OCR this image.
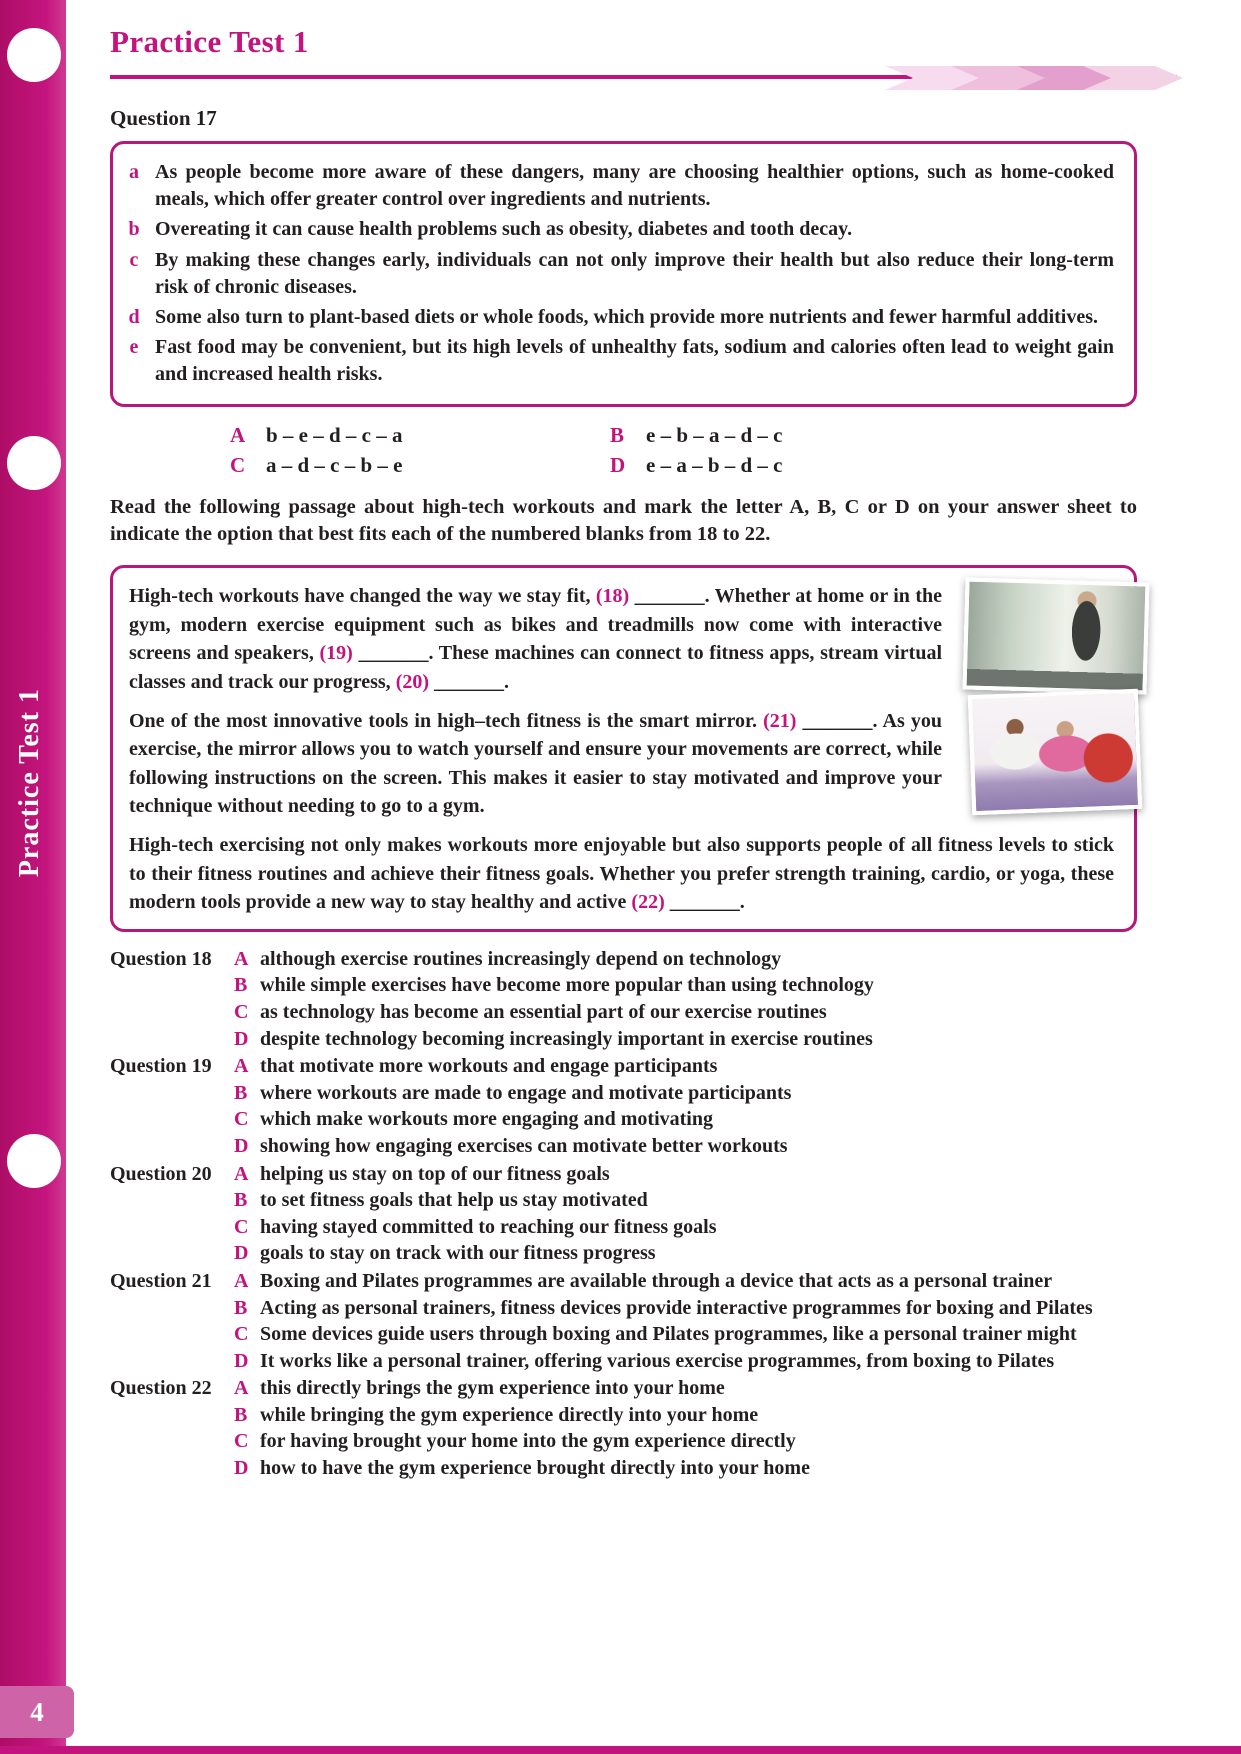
Practice Test 1
4
Practice Test 1
Question 17
a As people become more aware of these dangers, many are choosing healthier options, such as home-cooked meals, which offer greater control over ingredients and nutrients.
b Overeating it can cause health problems such as obesity, diabetes and tooth decay.
c By making these changes early, individuals can not only improve their health but also reduce their long-term risk of chronic diseases.
d Some also turn to plant-based diets or whole foods, which provide more nutrients and fewer harmful additives.
e Fast food may be convenient, but its high levels of unhealthy fats, sodium and calories often lead to weight gain and increased health risks.
A b – e – d – c – a	B e – b – a – d – c
C a – d – c – b – e	D e – a – b – d – c

Read the following passage about high-tech workouts and mark the letter A, B, C or D on your answer sheet to indicate the option that best fits each of the numbered blanks from 18 to 22.

High-tech workouts have changed the way we stay fit, (18) _______. Whether at home or in the gym, modern exercise equipment such as bikes and treadmills now come with interactive screens and speakers, (19) _______. These machines can connect to fitness apps, stream virtual classes and track our progress, (20) _______.

One of the most innovative tools in high–tech fitness is the smart mirror. (21) _______. As you exercise, the mirror allows you to watch yourself and ensure your movements are correct, while following instructions on the screen. This makes it easier to stay motivated and improve your technique without needing to go to a gym.

High-tech exercising not only makes workouts more enjoyable but also supports people of all fitness levels to stick to their fitness routines and achieve their fitness goals. Whether you prefer strength training, cardio, or yoga, these modern tools provide a new way to stay healthy and active (22) _______.

Question 18	A although exercise routines increasingly depend on technology
B while simple exercises have become more popular than using technology
C as technology has become an essential part of our exercise routines
D despite technology becoming increasingly important in exercise routines
Question 19	A that motivate more workouts and engage participants
B where workouts are made to engage and motivate participants
C which make workouts more engaging and motivating
D showing how engaging exercises can motivate better workouts
Question 20	A helping us stay on top of our fitness goals
B to set fitness goals that help us stay motivated
C having stayed committed to reaching our fitness goals
D goals to stay on track with our fitness progress
Question 21	A Boxing and Pilates programmes are available through a device that acts as a personal trainer
B Acting as personal trainers, fitness devices provide interactive programmes for boxing and Pilates
C Some devices guide users through boxing and Pilates programmes, like a personal trainer might
D It works like a personal trainer, offering various exercise programmes, from boxing to Pilates
Question 22	A this directly brings the gym experience into your home
B while bringing the gym experience directly into your home
C for having brought your home into the gym experience directly
D how to have the gym experience brought directly into your home
